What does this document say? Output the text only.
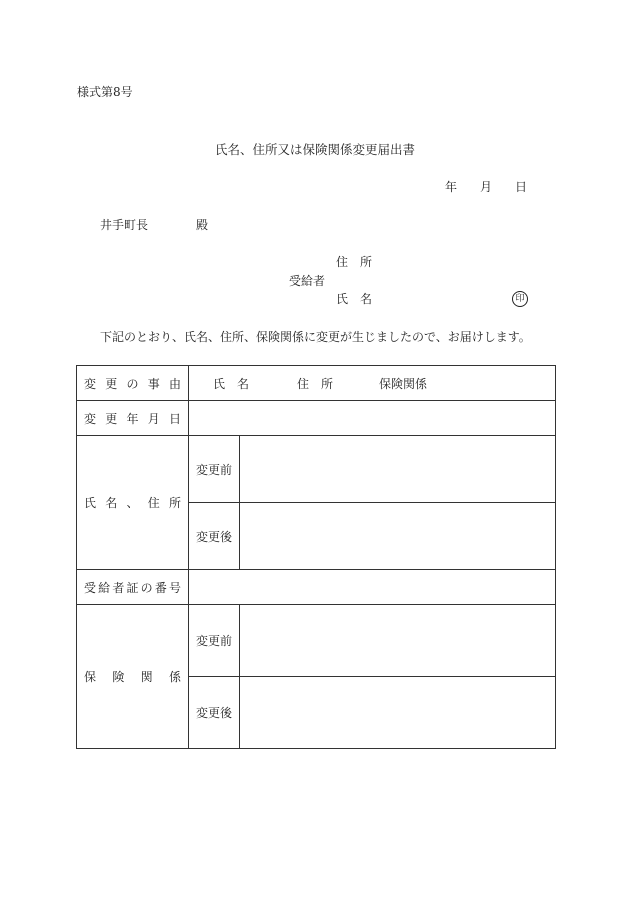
様式第8号
氏名、住所又は保険関係変更届出書
年 月 日
井手町長	殿
住　所
受給者
氏　名	印
下記のとおり、氏名、住所、保険関係に変更が生じましたので、お届けします。
変 更 の 事 由	氏　名 住　所 保険関係	
変 更 年 月 日		
氏 名 、 住 所	変更前	
	変更後	
受給者証の番号		
保 険 関 係	変更前	
	変更後	
